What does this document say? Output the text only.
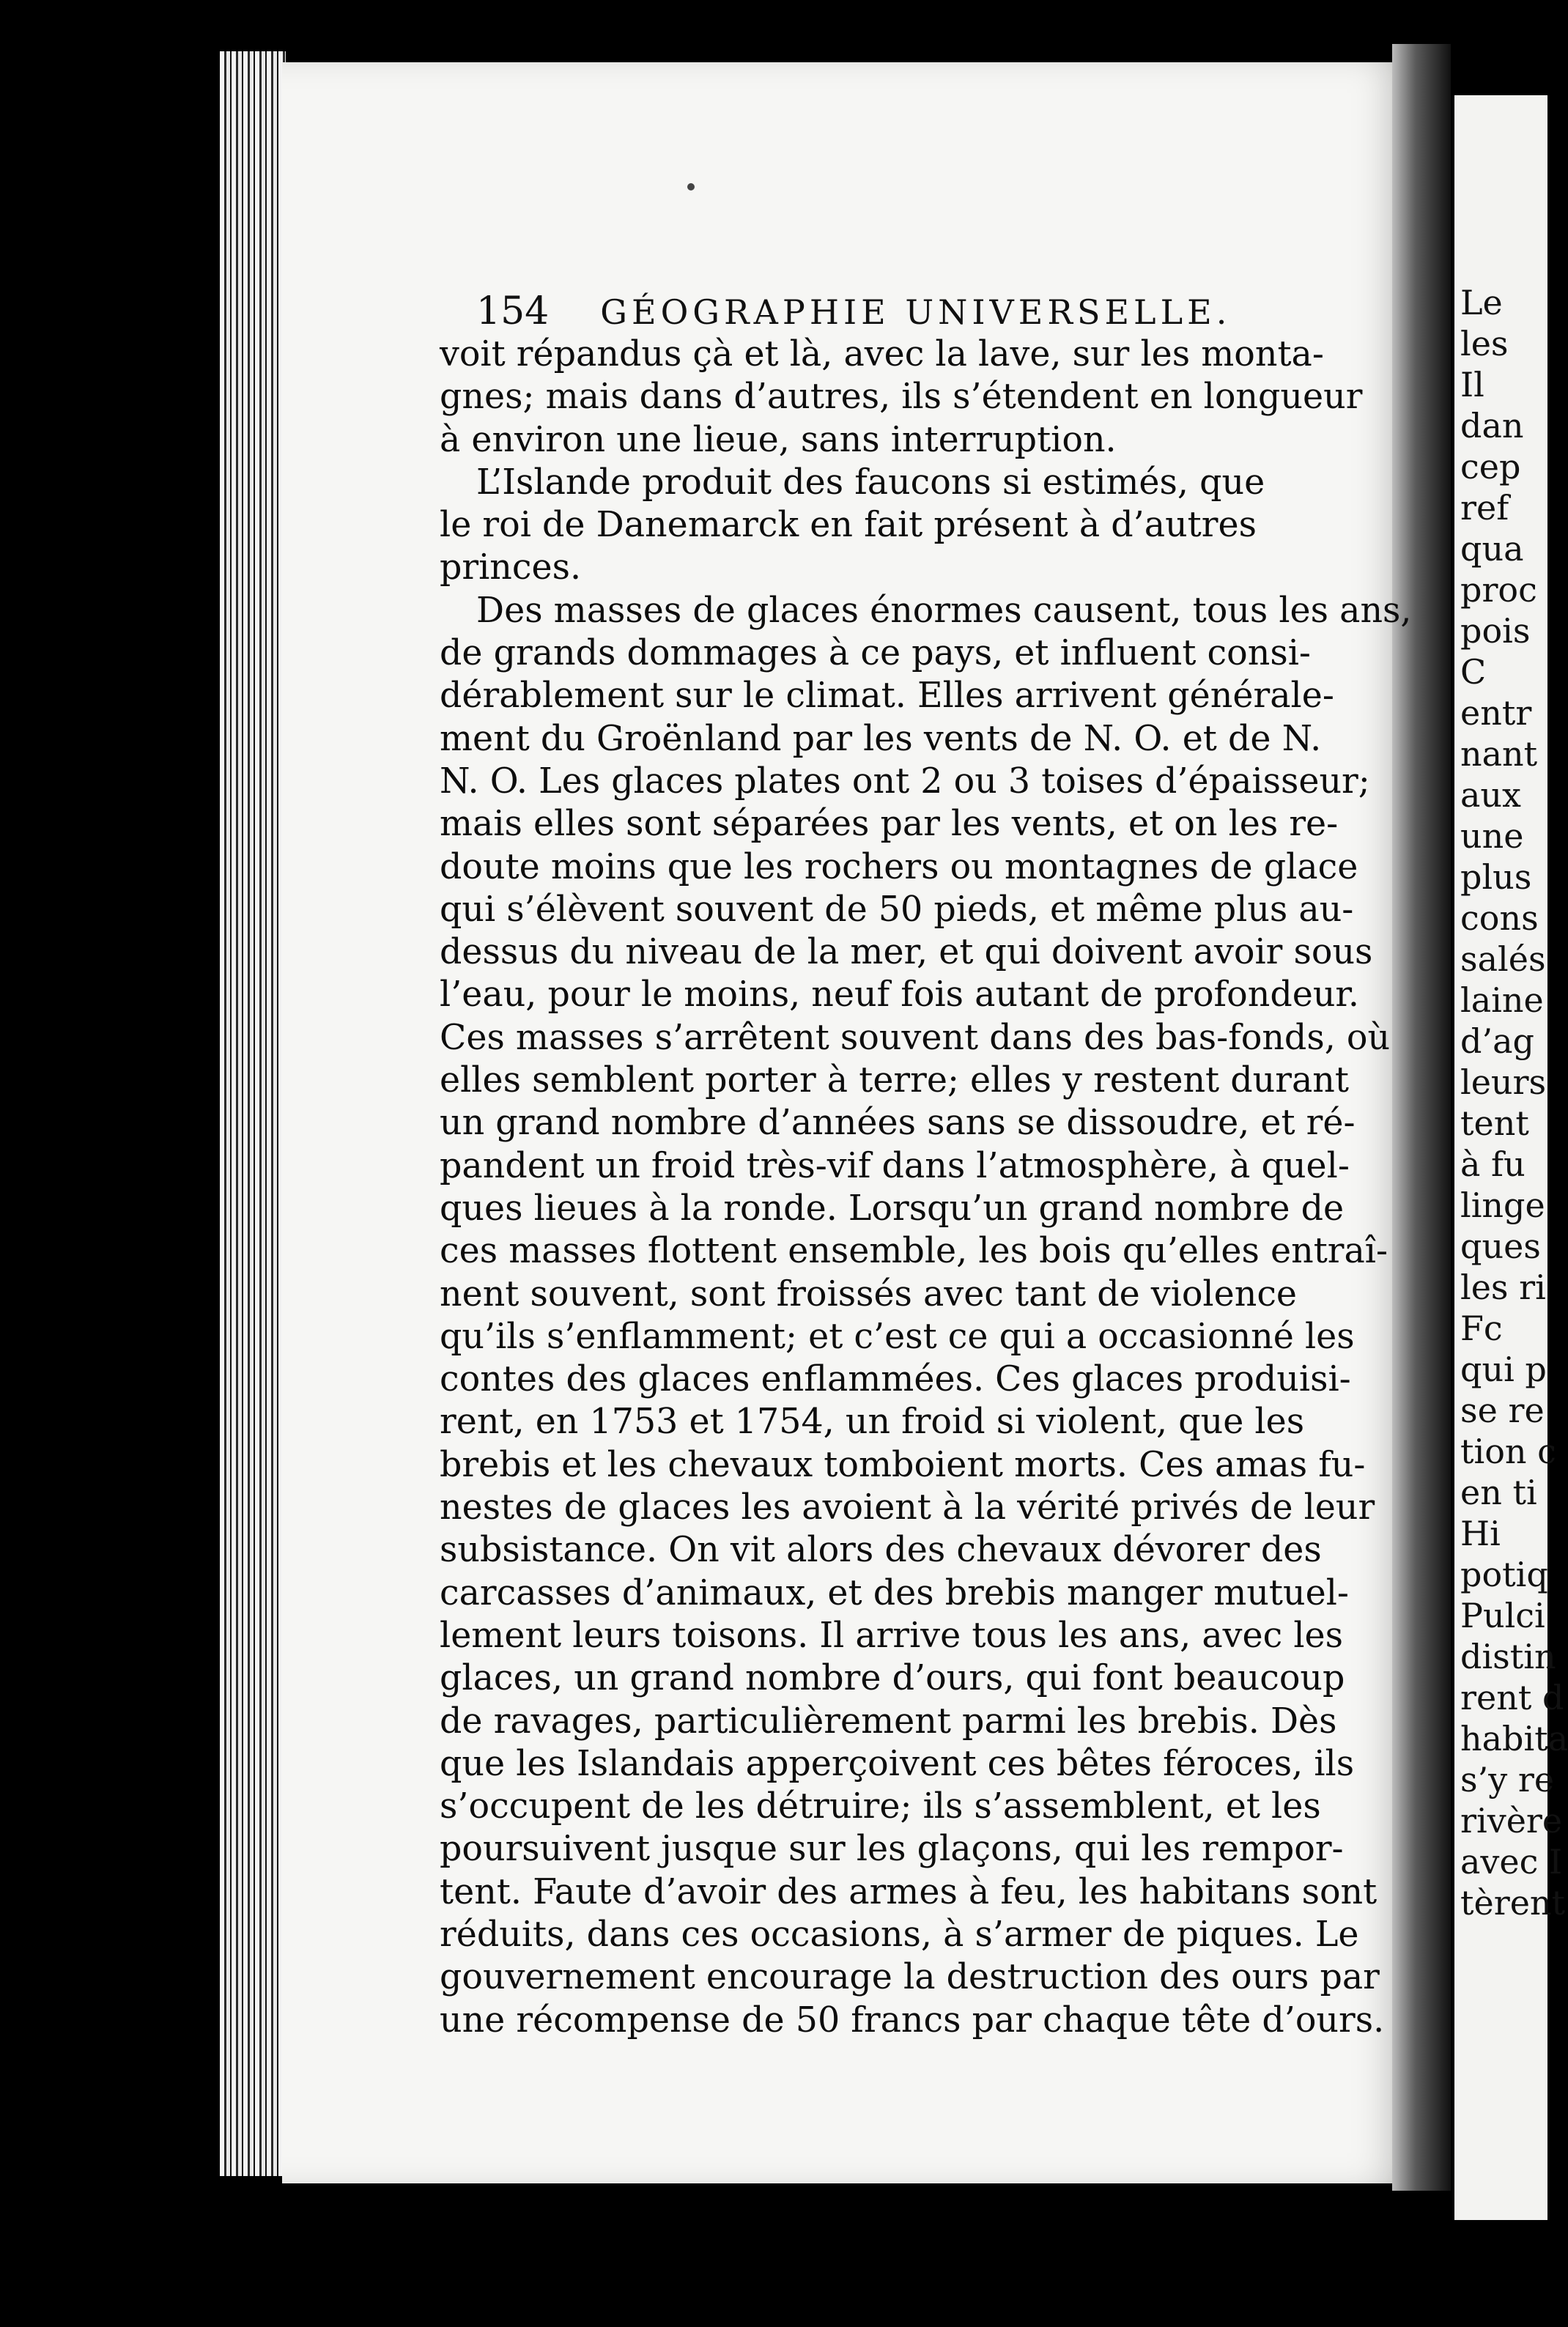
154 GÉOGRAPHIE UNIVERSELLE.
voit répandus çà et là, avec la lave, sur les monta-
gnes; mais dans d’autres, ils s’étendent en longueur
à environ une lieue, sans interruption.
L’Islande produit des faucons si estimés, que
le roi de Danemarck en fait présent à d’autres
princes.
Des masses de glaces énormes causent, tous les ans,
de grands dommages à ce pays, et influent consi-
dérablement sur le climat. Elles arrivent générale-
ment du Groënland par les vents de N. O. et de N.
N. O. Les glaces plates ont 2 ou 3 toises d’épaisseur;
mais elles sont séparées par les vents, et on les re-
doute moins que les rochers ou montagnes de glace
qui s’élèvent souvent de 50 pieds, et même plus au-
dessus du niveau de la mer, et qui doivent avoir sous
l’eau, pour le moins, neuf fois autant de profondeur.
Ces masses s’arrêtent souvent dans des bas-fonds, où
elles semblent porter à terre; elles y restent durant
un grand nombre d’années sans se dissoudre, et ré-
pandent un froid très-vif dans l’atmosphère, à quel-
ques lieues à la ronde. Lorsqu’un grand nombre de
ces masses flottent ensemble, les bois qu’elles entraî-
nent souvent, sont froissés avec tant de violence
qu’ils s’enflamment; et c’est ce qui a occasionné les
contes des glaces enflammées. Ces glaces produisi-
rent, en 1753 et 1754, un froid si violent, que les
brebis et les chevaux tomboient morts. Ces amas fu-
nestes de glaces les avoient à la vérité privés de leur
subsistance. On vit alors des chevaux dévorer des
carcasses d’animaux, et des brebis manger mutuel-
lement leurs toisons. Il arrive tous les ans, avec les
glaces, un grand nombre d’ours, qui font beaucoup
de ravages, particulièrement parmi les brebis. Dès
que les Islandais apperçoivent ces bêtes féroces, ils
s’occupent de les détruire; ils s’assemblent, et les
poursuivent jusque sur les glaçons, qui les rempor-
tent. Faute d’avoir des armes à feu, les habitans sont
réduits, dans ces occasions, à s’armer de piques. Le
gouvernement encourage la destruction des ours par
une récompense de 50 francs par chaque tête d’ours.
Le
les
Il
dan
cep
ref
qua
proc
pois
C
entr
nant
aux
une
plus
cons
salés
laine
d’ag
leurs
tent
à fu
linge
ques
les ri
Fc
qui p
se re
tion c
en ti
Hi
potiq
Pulci
distin
rent d
habita
s’y re
rivère
avec I
tèrent
